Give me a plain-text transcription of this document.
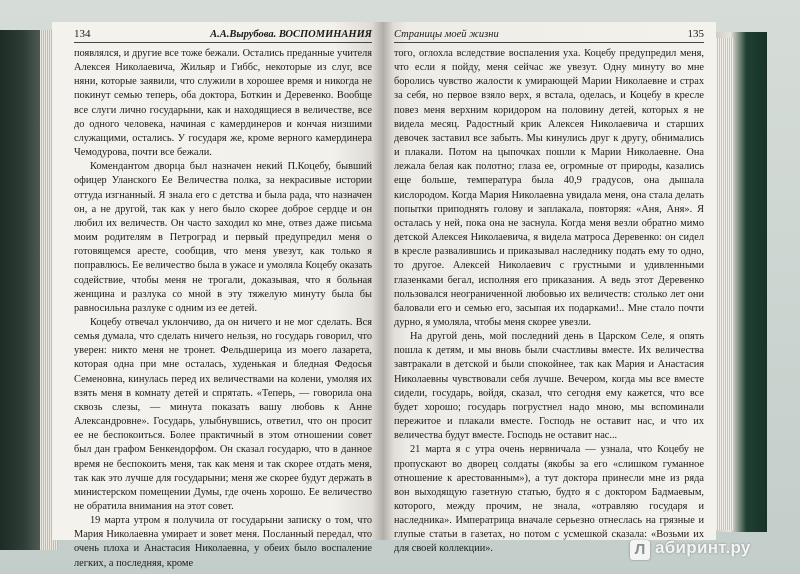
134	А.А.Вырубова. ВОСПОМИНАНИЯ

появлялся, и другие все тоже бежали. Остались преданные учителя Алексея Николаевича, Жильяр и Гиббс, некоторые из слуг, все няни, которые заявили, что служили в хорошее время и никогда не покинут семью теперь, оба доктора, Боткин и Деревенко. Вообще все слуги лично государыни, как и находящиеся в величестве, все до одного человека, начиная с камердинеров и кончая низшими служащими, остались. У государя же, кроме верного камердинера Чемодурова, почти все бежали.

Комендантом дворца был назначен некий П.Коцебу, бывший офицер Уланского Ее Величества полка, за некрасивые истории оттуда изгнанный. Я знала его с детства и была рада, что назначен он, а не другой, так как у него было скорее доброе сердце и он любил их величеств. Он часто заходил ко мне, отвез даже письма моим родителям в Петроград и первый предупредил меня о готовящемся аресте, сообщив, что меня увезут, как только я поправлюсь. Ее величество была в ужасе и умоляла Коцебу оказать содействие, чтобы меня не трогали, доказывая, что я больная женщина и разлука со мной в эту тяжелую минуту была бы равносильна разлуке с одним из ее детей.

Коцебу отвечал уклончиво, да он ничего и не мог сделать. Вся семья думала, что сделать ничего нельзя, но государь говорил, что уверен: никто меня не тронет. Фельдшерица из моего лазарета, которая одна при мне осталась, худенькая и бледная Федосья Семеновна, кинулась перед их величествами на колени, умоляя их взять меня в комнату детей и спрятать. «Теперь, — говорила она сквозь слезы, — минута показать вашу любовь к Анне Александровне». Государь, улыбнувшись, ответил, что он просит ее не беспокоиться. Более практичный в этом отношении совет был дан графом Бенкендорфом. Он сказал государю, что в данное время не беспокоить меня, так как меня и так скорее отдать меня, так как это лучше для государыни; меня же скорее будут держать в министерском помещении Думы, где очень хорошо. Ее величество не обратила внимания на этот совет.

19 марта утром я получила от государыни записку о том, что Мария Николаевна умирает и зовет меня. Посланный передал, что очень плоха и Анастасия Николаевна, у обеих было воспаление легких, а последняя, кроме

Страницы моей жизни	135

того, оглохла вследствие воспаления уха. Коцебу предупредил меня, что если я пойду, меня сейчас же увезут. Одну минуту во мне боролись чувство жалости к умирающей Марии Николаевне и страх за себя, но первое взяло верх, я встала, оделась, и Коцебу в кресле повез меня верхним коридором на половину детей, которых я не видела месяц. Радостный крик Алексея Николаевича и старших девочек заставил все забыть. Мы кинулись друг к другу, обнимались и плакали. Потом на цыпочках пошли к Марии Николаевне. Она лежала белая как полотно; глаза ее, огромные от природы, казались еще больше, температура была 40,9 градусов, она дышала кислородом. Когда Мария Николаевна увидала меня, она стала делать попытки приподнять голову и заплакала, повторяя: «Аня, Аня». Я осталась у ней, пока она не заснула. Когда меня везли обратно мимо детской Алексея Николаевича, я видела матроса Деревенко: он сидел в кресле развалившись и приказывал наследнику подать ему то одно, то другое. Алексей Николаевич с грустными и удивленными глазенками бегал, исполняя его приказания. А ведь этот Деревенко пользовался неограниченной любовью их величеств: столько лет они баловали его и семью его, засыпая их подарками!.. Мне стало почти дурно, я умоляла, чтобы меня скорее увезли.

На другой день, мой последний день в Царском Селе, я опять пошла к детям, и мы вновь были счастливы вместе. Их величества завтракали в детской и были спокойнее, так как Мария и Анастасия Николаевны чувствовали себя лучше. Вечером, когда мы все вместе сидели, государь, войдя, сказал, что сегодня ему кажется, что все будет хорошо; государь погрустнел надо мною, мы вспоминали пережитое и плакали вместе. Господь не оставит нас, и что их величества будут вместе. Господь не оставит нас...

21 марта я с утра очень нервничала — узнала, что Коцебу не пропускают во дворец солдаты (якобы за его «слишком гуманное отношение к арестованным»), а тут доктора принесли мне из ряда вон выходящую газетную статью, будто я с доктором Бадмаевым, которого, между прочим, не знала, «отравляю государя и наследника». Императрица вначале серьезно отнеслась на грязные и глупые статьи в газетах, но потом с усмешкой сказала: «Возьми их для своей коллекции».	Л абиринт.ру
